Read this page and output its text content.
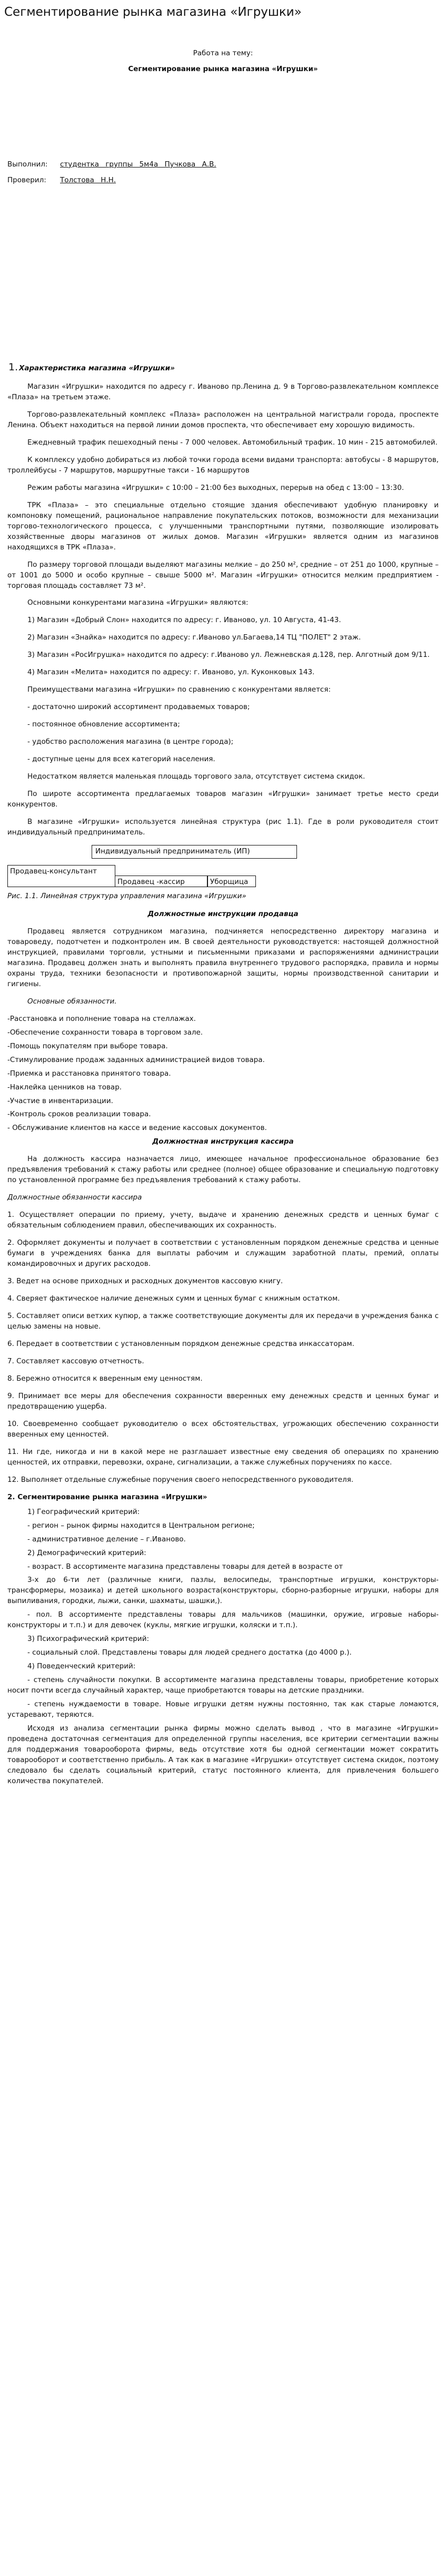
Сегментирование рынка магазина «Игрушки»

Работа на тему:

Сегментирование рынка магазина «Игрушки»

Выполнил:	студентка группы 5м4а Пучкова А.В.
Проверил:	Толстова Н.Н.
1. Характеристика магазина «Игрушки»

Магазин «Игрушки» находится по адресу г. Иваново пр.Ленина д. 9 в Торгово-развлекательном комплексе «Плаза» на третьем этаже.

Торгово-развлекательный комплекс «Плаза» расположен на центральной магистрали города, проспекте Ленина. Объект находиться на первой линии домов проспекта, что обеспечивает ему хорошую видимость.

Ежедневный трафик пешеходный пены - 7 000 человек. Автомобильный трафик. 10 мин - 215 автомобилей.

К комплексу удобно добираться из любой точки города всеми видами транспорта: автобусы - 8 маршрутов, троллейбусы - 7 маршрутов, маршрутные такси - 16 маршрутов

Режим работы магазина «Игрушки» с 10:00 – 21:00 без выходных, перерыв на обед с 13:00 – 13:30.

ТРК «Плаза» – это специальные отдельно стоящие здания обеспечивают удобную планировку и компоновку помещений, рациональное направление покупательских потоков, возможности для механизации торгово-технологического процесса, с улучшенными транспортными путями, позволяющие изолировать хозяйственные дворы магазинов от жилых домов. Магазин «Игрушки» является одним из магазинов находящихся в ТРК «Плаза».

По размеру торговой площади выделяют магазины мелкие – до 250 м², средние – от 251 до 1000, крупные – от 1001 до 5000 и особо крупные – свыше 5000 м². Магазин «Игрушки» относится мелким предприятием - торговая площадь составляет 73 м².

Основными конкурентами магазина «Игрушки» являются:

1) Магазин «Добрый Слон» находится по адресу: г. Иваново, ул. 10 Августа, 41-43.

2) Магазин «Знайка» находится по адресу: г.Иваново ул.Багаева,14 ТЦ "ПОЛЕТ" 2 этаж.

3) Магазин «РосИгрушка» находится по адресу: г.Иваново ул. Лежневская д.128, пер. Алготный дом 9/11.

4) Магазин «Мелита» находится по адресу: г. Иваново, ул. Куконковых 143.

Преимуществами магазина «Игрушки» по сравнению с конкурентами является:

- достаточно широкий ассортимент продаваемых товаров;

- постоянное обновление ассортимента;

- удобство расположения магазина (в центре города);

- доступные цены для всех категорий населения.

Недостатком является маленькая площадь торгового зала, отсутствует система скидок.

По широте ассортимента предлагаемых товаров магазин «Игрушки» занимает третье место среди конкурентов.

В магазине «Игрушки» используется линейная структура (рис 1.1). Где в роли руководителя стоит индивидуальный предприниматель.

Индивидуальный предприниматель (ИП)
Продавец-консультант
Продавец -кассир	Уборщица

Рис. 1.1. Линейная структура управления магазина «Игрушки»

Должностные инструкции продавца

Продавец является сотрудником магазина, подчиняется непосредственно директору магазина и товароведу, подотчетен и подконтролен им. В своей деятельности руководствуется: настоящей должностной инструкцией, правилами торговли, устными и письменными приказами и распоряжениями администрации магазина. Продавец должен знать и выполнять правила внутреннего трудового распорядка, правила и нормы охраны труда, техники безопасности и противопожарной защиты, нормы производственной санитарии и гигиены.

Основные обязанности.

-Расстановка и пополнение товара на стеллажах.

-Обеспечение сохранности товара в торговом зале.

-Помощь покупателям при выборе товара.

-Стимулирование продаж заданных администрацией видов товара.

-Приемка и расстановка принятого товара.

-Наклейка ценников на товар.

-Участие в инвентаризации.

-Контроль сроков реализации товара.

- Обслуживание клиентов на кассе и ведение кассовых документов.

Должностная инструкция кассира

На должность кассира назначается лицо, имеющее начальное профессиональное образование без предъявления требований к стажу работы или среднее (полное) общее образование и специальную подготовку по установленной программе без предъявления требований к стажу работы.

Должностные обязанности кассира

1. Осуществляет операции по приему, учету, выдаче и хранению денежных средств и ценных бумаг с обязательным соблюдением правил, обеспечивающих их сохранность.

2. Оформляет документы и получает в соответствии с установленным порядком денежные средства и ценные бумаги в учреждениях банка для выплаты рабочим и служащим заработной платы, премий, оплаты командировочных и других расходов.

3. Ведет на основе приходных и расходных документов кассовую книгу.

4. Сверяет фактическое наличие денежных сумм и ценных бумаг с книжным остатком.

5. Составляет описи ветхих купюр, а также соответствующие документы для их передачи в учреждения банка с целью замены на новые.

6. Передает в соответствии с установленным порядком денежные средства инкассаторам.

7. Составляет кассовую отчетность.

8. Бережно относится к вверенным ему ценностям.

9. Принимает все меры для обеспечения сохранности вверенных ему денежных средств и ценных бумаг и предотвращению ущерба.

10. Своевременно сообщает руководителю о всех обстоятельствах, угрожающих обеспечению сохранности вверенных ему ценностей.

11. Ни где, никогда и ни в какой мере не разглашает известные ему сведения об операциях по хранению ценностей, их отправки, перевозки, охране, сигнализации, а также служебных поручениях по кассе.

12. Выполняет отдельные служебные поручения своего непосредственного руководителя.

2. Сегментирование рынка магазина «Игрушки»

1) Географический критерий:

- регион – рынок фирмы находится в Центральном регионе;

- административное деление – г.Иваново.

2) Демографический критерий:

- возраст. В ассортименте магазина представлены товары для детей в возрасте от

3-х до 6-ти лет (различные книги, пазлы, велосипеды, транспортные игрушки, конструкторы-трансформеры, мозаика) и детей школьного возраста(конструкторы, сборно-разборные игрушки, наборы для выпиливания, городки, лыжи, санки, шахматы, шашки,).

- пол. В ассортименте представлены товары для мальчиков (машинки, оружие, игровые наборы-конструкторы и т.п.) и для девочек (куклы, мягкие игрушки, коляски и т.п.).

3) Психографический критерий:

- социальный слой. Представлены товары для людей среднего достатка (до 4000 р.).

4) Поведенческий критерий:

- степень случайности покупки. В ассортименте магазина представлены товары, приобретение которых носит почти всегда случайный характер, чаще приобретаются товары на детские праздники.

- степень нуждаемости в товаре. Новые игрушки детям нужны постоянно, так как старые ломаются, устаревают, теряются.

Исходя из анализа сегментации рынка фирмы можно сделать вывод , что в магазине «Игрушки» проведена достаточная сегментация для определенной группы населения, все критерии сегментации важны для поддержания товарооборота фирмы, ведь отсутствие хотя бы одной сегментации может сократить товарооборот и соответственно прибыль. А так как в магазине «Игрушки» отсутствует система скидок, поэтому следовало бы сделать социальный критерий, статус постоянного клиента, для привлечения большего количества покупателей.
